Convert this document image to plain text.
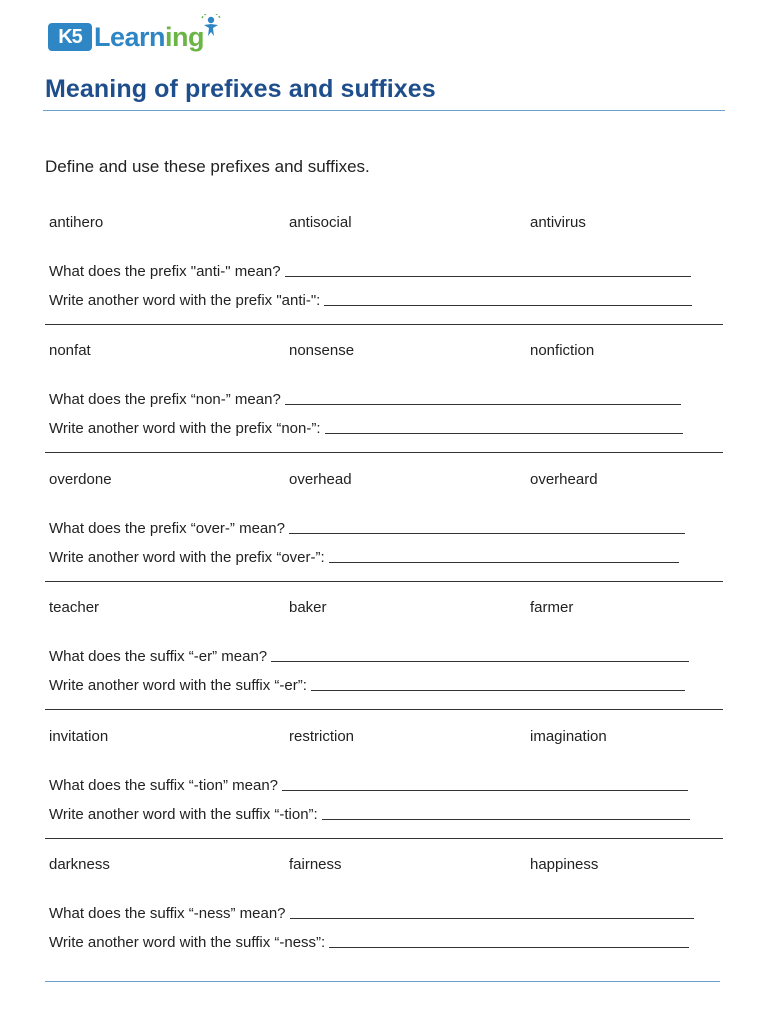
K5 Learning
Meaning of prefixes and suffixes
Define and use these prefixes and suffixes.
antihero	antisocial	antivirus
What does the prefix "anti-" mean?
Write another word with the prefix "anti-":
nonfat	nonsense	nonfiction
What does the prefix “non-” mean?
Write another word with the prefix “non-”:
overdone	overhead	overheard
What does the prefix “over-” mean?
Write another word with the prefix “over-”:
teacher	baker	farmer
What does the suffix “-er” mean?
Write another word with the suffix “-er”:
invitation	restriction	imagination
What does the suffix “-tion” mean?
Write another word with the suffix “-tion”:
darkness	fairness	happiness
What does the suffix “-ness” mean?
Write another word with the suffix “-ness”:
